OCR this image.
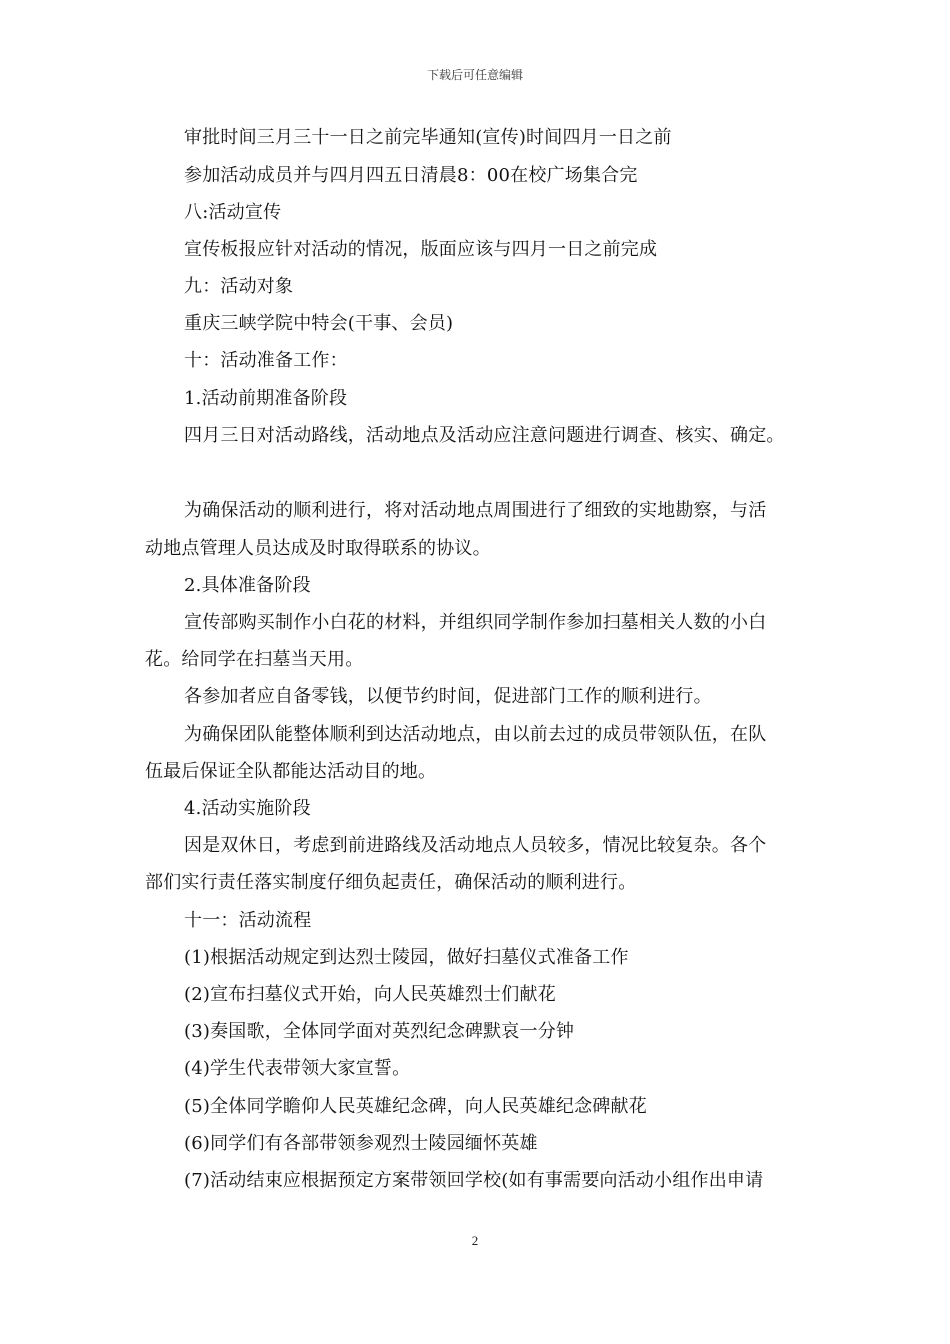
下载后可任意编辑
审批时间三月三十一日之前完毕通知(宣传)时间四月一日之前
参加活动成员并与四月四五日清晨8：00在校广场集合完
八:活动宣传
宣传板报应针对活动的情况，版面应该与四月一日之前完成
九：活动对象
重庆三峡学院中特会(干事、会员)
十：活动准备工作：
1.活动前期准备阶段
四月三日对活动路线，活动地点及活动应注意问题进行调查、核实、确定。
为确保活动的顺利进行，将对活动地点周围进行了细致的实地勘察，与活
动地点管理人员达成及时取得联系的协议。
2.具体准备阶段
宣传部购买制作小白花的材料，并组织同学制作参加扫墓相关人数的小白
花。给同学在扫墓当天用。
各参加者应自备零钱，以便节约时间，促进部门工作的顺利进行。
为确保团队能整体顺利到达活动地点，由以前去过的成员带领队伍，在队
伍最后保证全队都能达活动目的地。
4.活动实施阶段
因是双休日，考虑到前进路线及活动地点人员较多，情况比较复杂。各个
部们实行责任落实制度仔细负起责任，确保活动的顺利进行。
十一：活动流程
(1)根据活动规定到达烈士陵园，做好扫墓仪式准备工作
(2)宣布扫墓仪式开始，向人民英雄烈士们献花
(3)奏国歌，全体同学面对英烈纪念碑默哀一分钟
(4)学生代表带领大家宣誓。
(5)全体同学瞻仰人民英雄纪念碑，向人民英雄纪念碑献花
(6)同学们有各部带领参观烈士陵园缅怀英雄
(7)活动结束应根据预定方案带领回学校(如有事需要向活动小组作出申请
2
